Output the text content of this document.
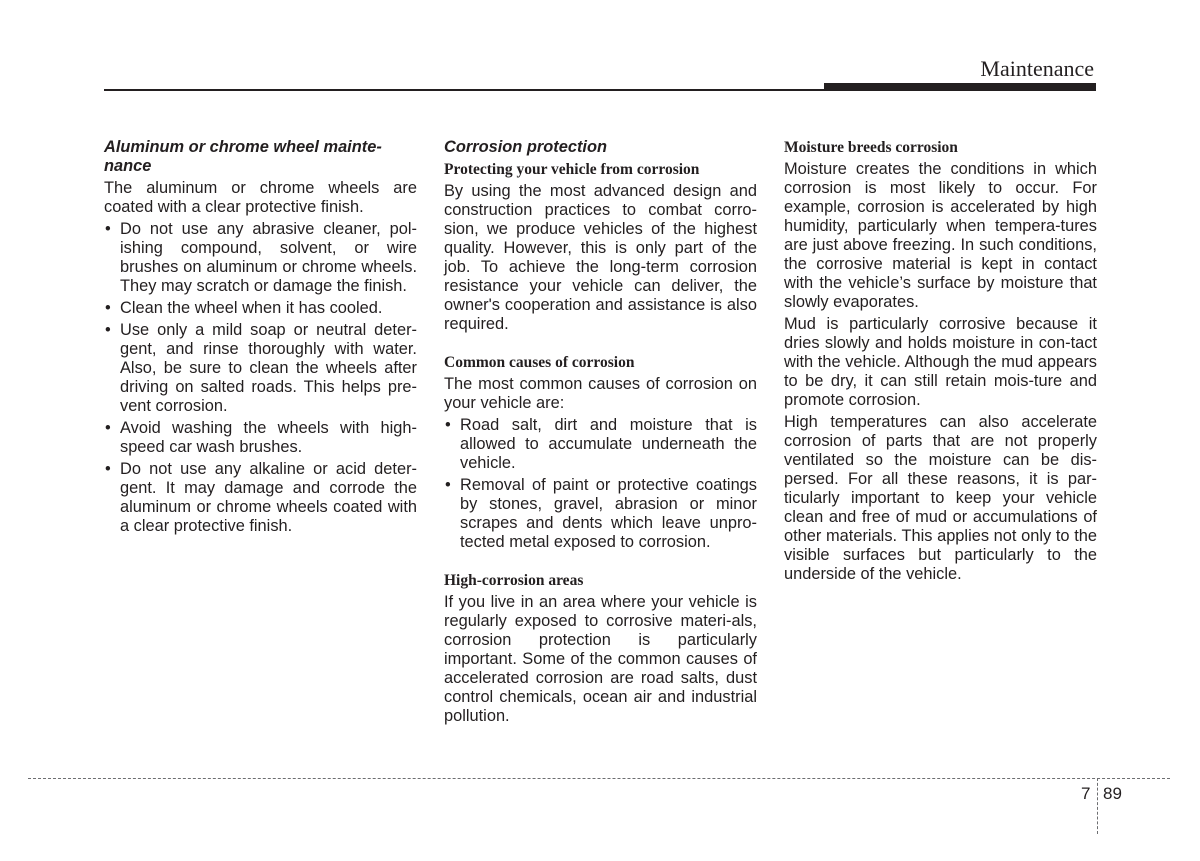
Maintenance

Aluminum or chrome wheel mainte-nance

The aluminum or chrome wheels are coated with a clear protective finish.

• Do not use any abrasive cleaner, pol-ishing compound, solvent, or wire brushes on aluminum or chrome wheels. They may scratch or damage the finish.
• Clean the wheel when it has cooled.
• Use only a mild soap or neutral deter-gent, and rinse thoroughly with water. Also, be sure to clean the wheels after driving on salted roads. This helps pre-vent corrosion.
• Avoid washing the wheels with high-speed car wash brushes.
• Do not use any alkaline or acid deter-gent. It may damage and corrode the aluminum or chrome wheels coated with a clear protective finish.

Corrosion protection

Protecting your vehicle from corrosion

By using the most advanced design and construction practices to combat corro-sion, we produce vehicles of the highest quality. However, this is only part of the job. To achieve the long-term corrosion resistance your vehicle can deliver, the owner's cooperation and assistance is also required.

Common causes of corrosion

The most common causes of corrosion on your vehicle are:

• Road salt, dirt and moisture that is allowed to accumulate underneath the vehicle.
• Removal of paint or protective coatings by stones, gravel, abrasion or minor scrapes and dents which leave unpro-tected metal exposed to corrosion.

High-corrosion areas

If you live in an area where your vehicle is regularly exposed to corrosive materi-als, corrosion protection is particularly important. Some of the common causes of accelerated corrosion are road salts, dust control chemicals, ocean air and industrial pollution.

Moisture breeds corrosion

Moisture creates the conditions in which corrosion is most likely to occur. For example, corrosion is accelerated by high humidity, particularly when tempera-tures are just above freezing. In such conditions, the corrosive material is kept in contact with the vehicle’s surface by moisture that slowly evaporates.

Mud is particularly corrosive because it dries slowly and holds moisture in con-tact with the vehicle. Although the mud appears to be dry, it can still retain mois-ture and promote corrosion.

High temperatures can also accelerate corrosion of parts that are not properly ventilated so the moisture can be dis-persed. For all these reasons, it is par-ticularly important to keep your vehicle clean and free of mud or accumulations of other materials. This applies not only to the visible surfaces but particularly to the underside of the vehicle.

7 89
